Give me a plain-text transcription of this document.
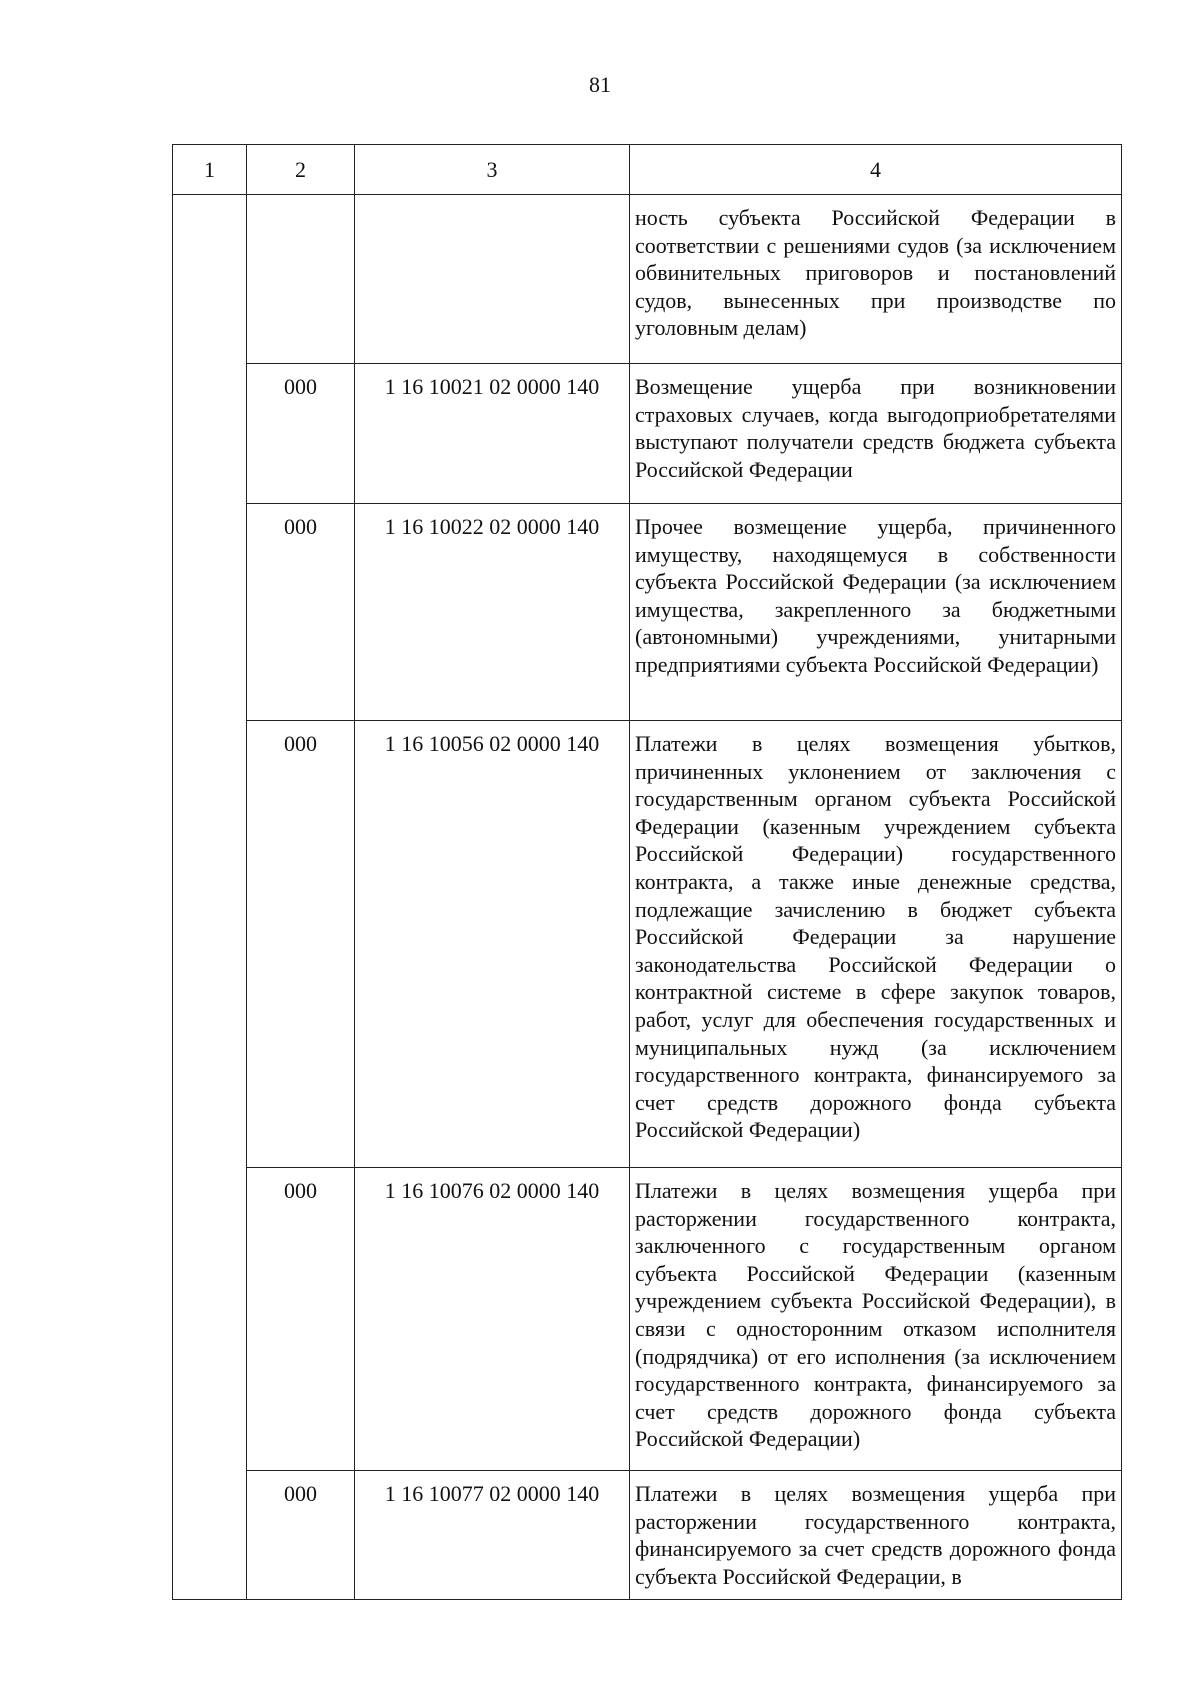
81
1	2	3	4
			ность субъекта Российской Федерации в соответствии с решениями судов (за исключением обвинительных приговоров и постановлений судов, вынесенных при производстве по уголовным делам)
	000	1 16 10021 02 0000 140	Возмещение ущерба при возникновении страховых случаев, когда выгодоприобретателями выступают получатели средств бюджета субъекта Российской Федерации
	000	1 16 10022 02 0000 140	Прочее возмещение ущерба, причиненного имуществу, находящемуся в собственности субъекта Российской Федерации (за исключением имущества, закрепленного за бюджетными (автономными) учреждениями, унитарными предприятиями субъекта Российской Федерации)
	000	1 16 10056 02 0000 140	Платежи в целях возмещения убытков, причиненных уклонением от заключения с государственным органом субъекта Российской Федерации (казенным учреждением субъекта Российской Федерации) государственного контракта, а также иные денежные средства, подлежащие зачислению в бюджет субъекта Российской Федерации за нарушение законодательства Российской Федерации о контрактной системе в сфере закупок товаров, работ, услуг для обеспечения государственных и муниципальных нужд (за исключением государственного контракта, финансируемого за счет средств дорожного фонда субъекта Российской Федерации)
	000	1 16 10076 02 0000 140	Платежи в целях возмещения ущерба при расторжении государственного контракта, заключенного с государственным органом субъекта Российской Федерации (казенным учреждением субъекта Российской Федерации), в связи с односторонним отказом исполнителя (подрядчика) от его исполнения (за исключением государственного контракта, финансируемого за счет средств дорожного фонда субъекта Российской Федерации)
	000	1 16 10077 02 0000 140	Платежи в целях возмещения ущерба при расторжении государственного контракта, финансируемого за счет средств дорожного фонда субъекта Российской Федерации, в
